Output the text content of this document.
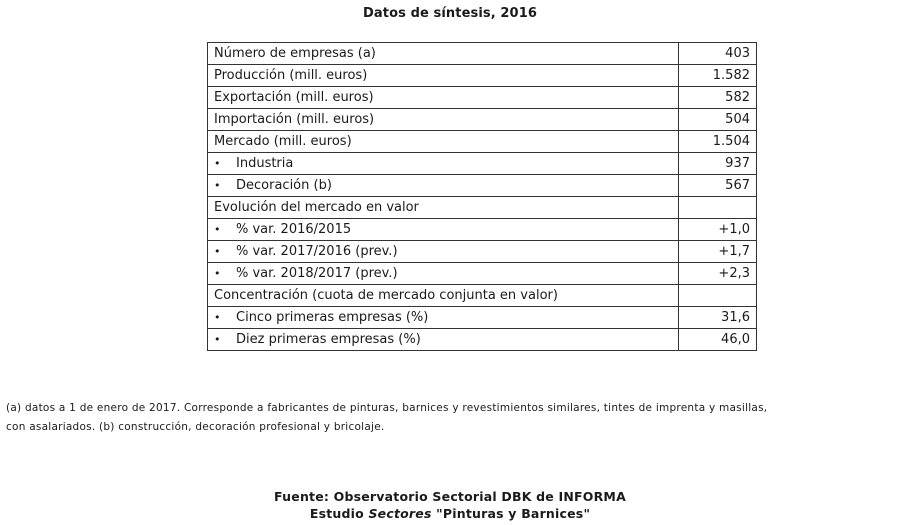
Datos de síntesis, 2016
Número de empresas (a)	403
Producción (mill. euros)	1.582
Exportación (mill. euros)	582
Importación (mill. euros)	504
Mercado (mill. euros)	1.504
• Industria	937
• Decoración (b)	567
Evolución del mercado en valor	
• % var. 2016/2015	+1,0
• % var. 2017/2016 (prev.)	+1,7
• % var. 2018/2017 (prev.)	+2,3
Concentración (cuota de mercado conjunta en valor)	
• Cinco primeras empresas (%)	31,6
• Diez primeras empresas (%)	46,0
(a) datos a 1 de enero de 2017. Corresponde a fabricantes de pinturas, barnices y revestimientos similares, tintes de imprenta y masillas,
con asalariados. (b) construcción, decoración profesional y bricolaje.
Fuente: Observatorio Sectorial DBK de INFORMA
Estudio Sectores "Pinturas y Barnices"
